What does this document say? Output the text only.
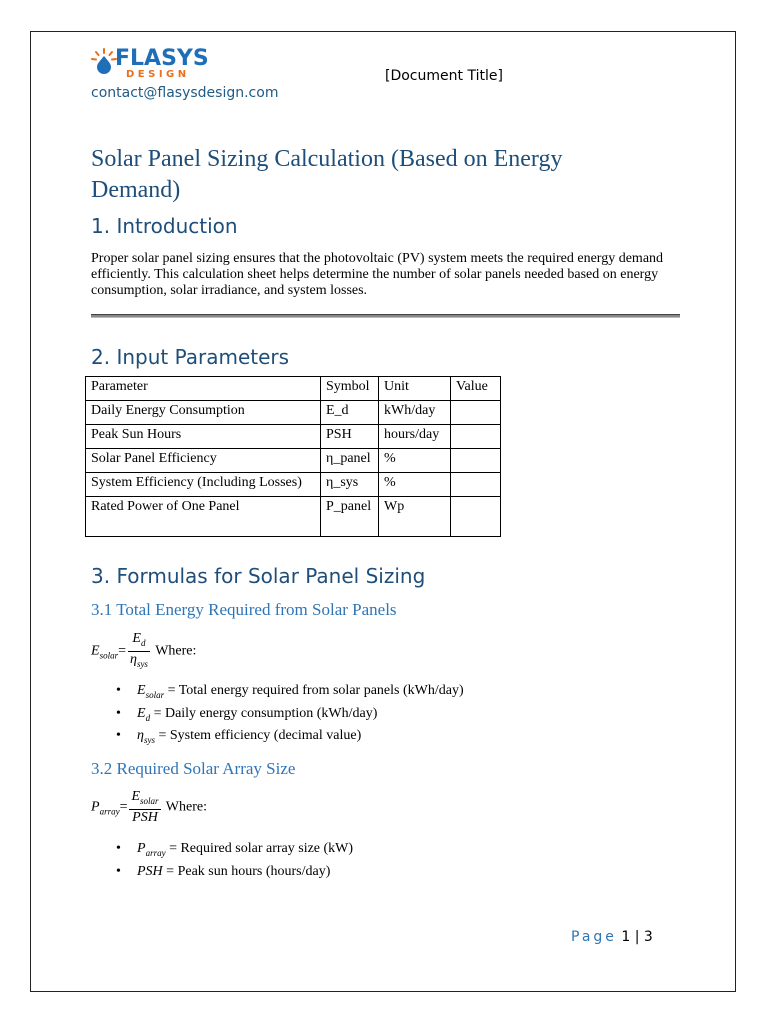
FLASYS
DESIGN
contact@flasysdesign.com
[Document Title]
Solar Panel Sizing Calculation (Based on Energy Demand)
1. Introduction
Proper solar panel sizing ensures that the photovoltaic (PV) system meets the required energy demand efficiently. This calculation sheet helps determine the number of solar panels needed based on energy consumption, solar irradiance, and system losses.
2. Input Parameters
Parameter	Symbol	Unit	Value
Daily Energy Consumption	E_d	kWh/day	
Peak Sun Hours	PSH	hours/day	
Solar Panel Efficiency	η_panel	%	
System Efficiency (Including Losses)	η_sys	%	
Rated Power of One Panel	P_panel	Wp	
3. Formulas for Solar Panel Sizing
3.1 Total Energy Required from Solar Panels
$E_{solar}= \frac{E_d}{\eta_{sys}}$ Where:
• $E_{solar}$ = Total energy required from solar panels (kWh/day)
• $E_d$ = Daily energy consumption (kWh/day)
• $\eta_{sys}$ = System efficiency (decimal value)
3.2 Required Solar Array Size
$P_{array}= \frac{E_{solar}}{\text{PSH}}$ Where:
• $P_{array}$ = Required solar array size (kW)
• PSH = Peak sun hours (hours/day)
Page 1 | 3
